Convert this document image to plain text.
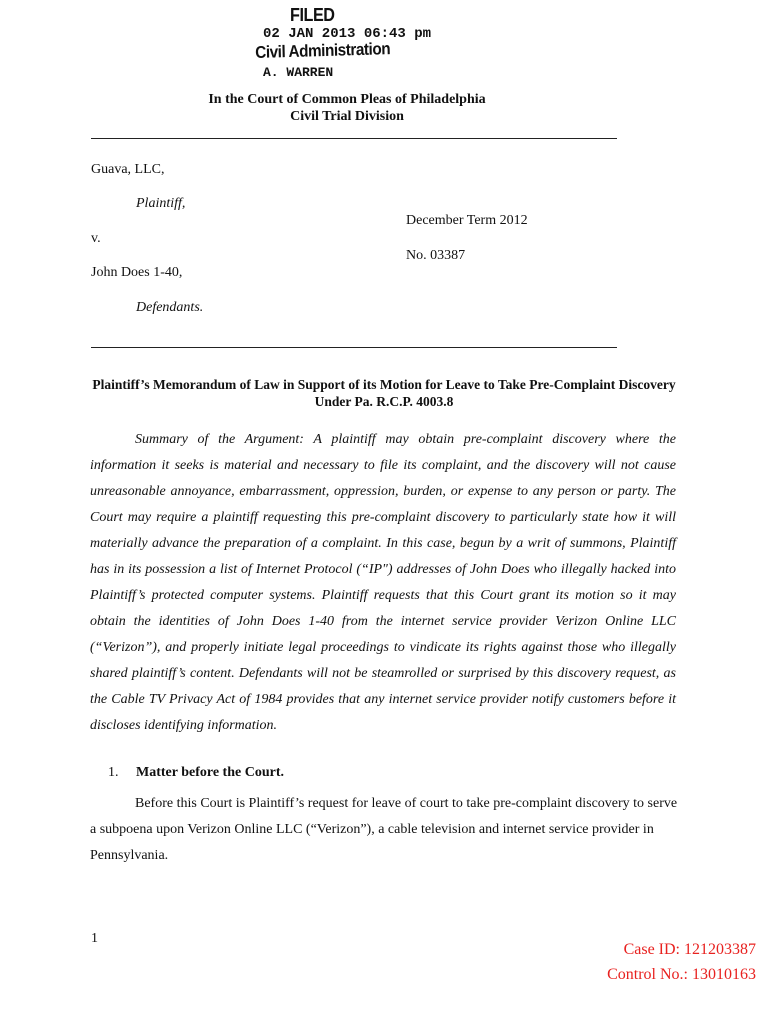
FILED
02 JAN 2013 06:43 pm
Civil Administration
A. WARREN
In the Court of Common Pleas of Philadelphia
Civil Trial Division
Guava, LLC,
Plaintiff,
December Term 2012
v.
No. 03387
John Does 1-40,
Defendants.
Plaintiff’s Memorandum of Law in Support of its Motion for Leave to Take Pre-Complaint Discovery Under Pa. R.C.P. 4003.8

Summary of the Argument: A plaintiff may obtain pre-complaint discovery where the information it seeks is material and necessary to file its complaint, and the discovery will not cause unreasonable annoyance, embarrassment, oppression, burden, or expense to any person or party. The Court may require a plaintiff requesting this pre-complaint discovery to particularly state how it will materially advance the preparation of a complaint. In this case, begun by a writ of summons, Plaintiff has in its possession a list of Internet Protocol (“IP") addresses of John Does who illegally hacked into Plaintiff’s protected computer systems. Plaintiff requests that this Court grant its motion so it may obtain the identities of John Does 1-40 from the internet service provider Verizon Online LLC (“Verizon”), and properly initiate legal proceedings to vindicate its rights against those who illegally shared plaintiff’s content. Defendants will not be steamrolled or surprised by this discovery request, as the Cable TV Privacy Act of 1984 provides that any internet service provider notify customers before it discloses identifying information.

1. Matter before the Court.

Before this Court is Plaintiff’s request for leave of court to take pre-complaint discovery to serve a subpoena upon Verizon Online LLC (“Verizon”), a cable television and internet service provider in Pennsylvania.

1
Case ID: 121203387
Control No.: 13010163
